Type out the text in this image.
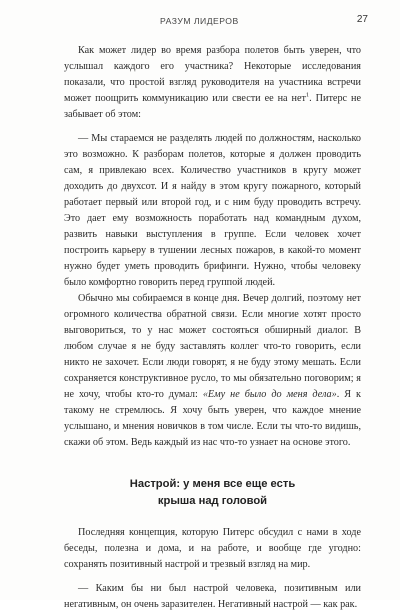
РАЗУМ ЛИДЕРОВ	27

Как может лидер во время разбора полетов быть уверен, что услышал каждого его участника? Некоторые исследования показали, что простой взгляд руководителя на участника встречи может поощрить коммуникацию или свести ее на нет$^1$. Питерс не забывает об этом:

— Мы стараемся не разделять людей по должностям, насколько это возможно. К разборам полетов, которые я должен проводить сам, я привлекаю всех. Количество участников в кругу может доходить до двухсот. И я найду в этом кругу пожарного, который работает первый или второй год, и с ним буду проводить встречу. Это дает ему возможность поработать над командным духом, развить навыки выступления в группе. Если человек хочет построить карьеру в тушении лесных пожаров, в какой-то момент нужно будет уметь проводить брифинги. Нужно, чтобы человеку было комфортно говорить перед группой людей.

Обычно мы собираемся в конце дня. Вечер долгий, поэтому нет огромного количества обратной связи. Если многие хотят просто выговориться, то у нас может состояться обширный диалог. В любом случае я не буду заставлять коллег что-то говорить, если никто не захочет. Если люди говорят, я не буду этому мешать. Если сохраняется конструктивное русло, то мы обязательно поговорим; я не хочу, чтобы кто-то думал: «Ему не было до меня дела». Я к такому не стремлюсь. Я хочу быть уверен, что каждое мнение услышано, и мнения новичков в том числе. Если ты что-то видишь, скажи об этом. Ведь каждый из нас что-то узнает на основе этого.

Настрой: у меня все еще есть
крыша над головой

Последняя концепция, которую Питерс обсудил с нами в ходе беседы, полезна и дома, и на работе, и вообще где угодно: сохранять позитивный настрой и трезвый взгляд на мир.

— Каким бы ни был настрой человека, позитивным или негативным, он очень заразителен. Негативный настрой — как рак.
